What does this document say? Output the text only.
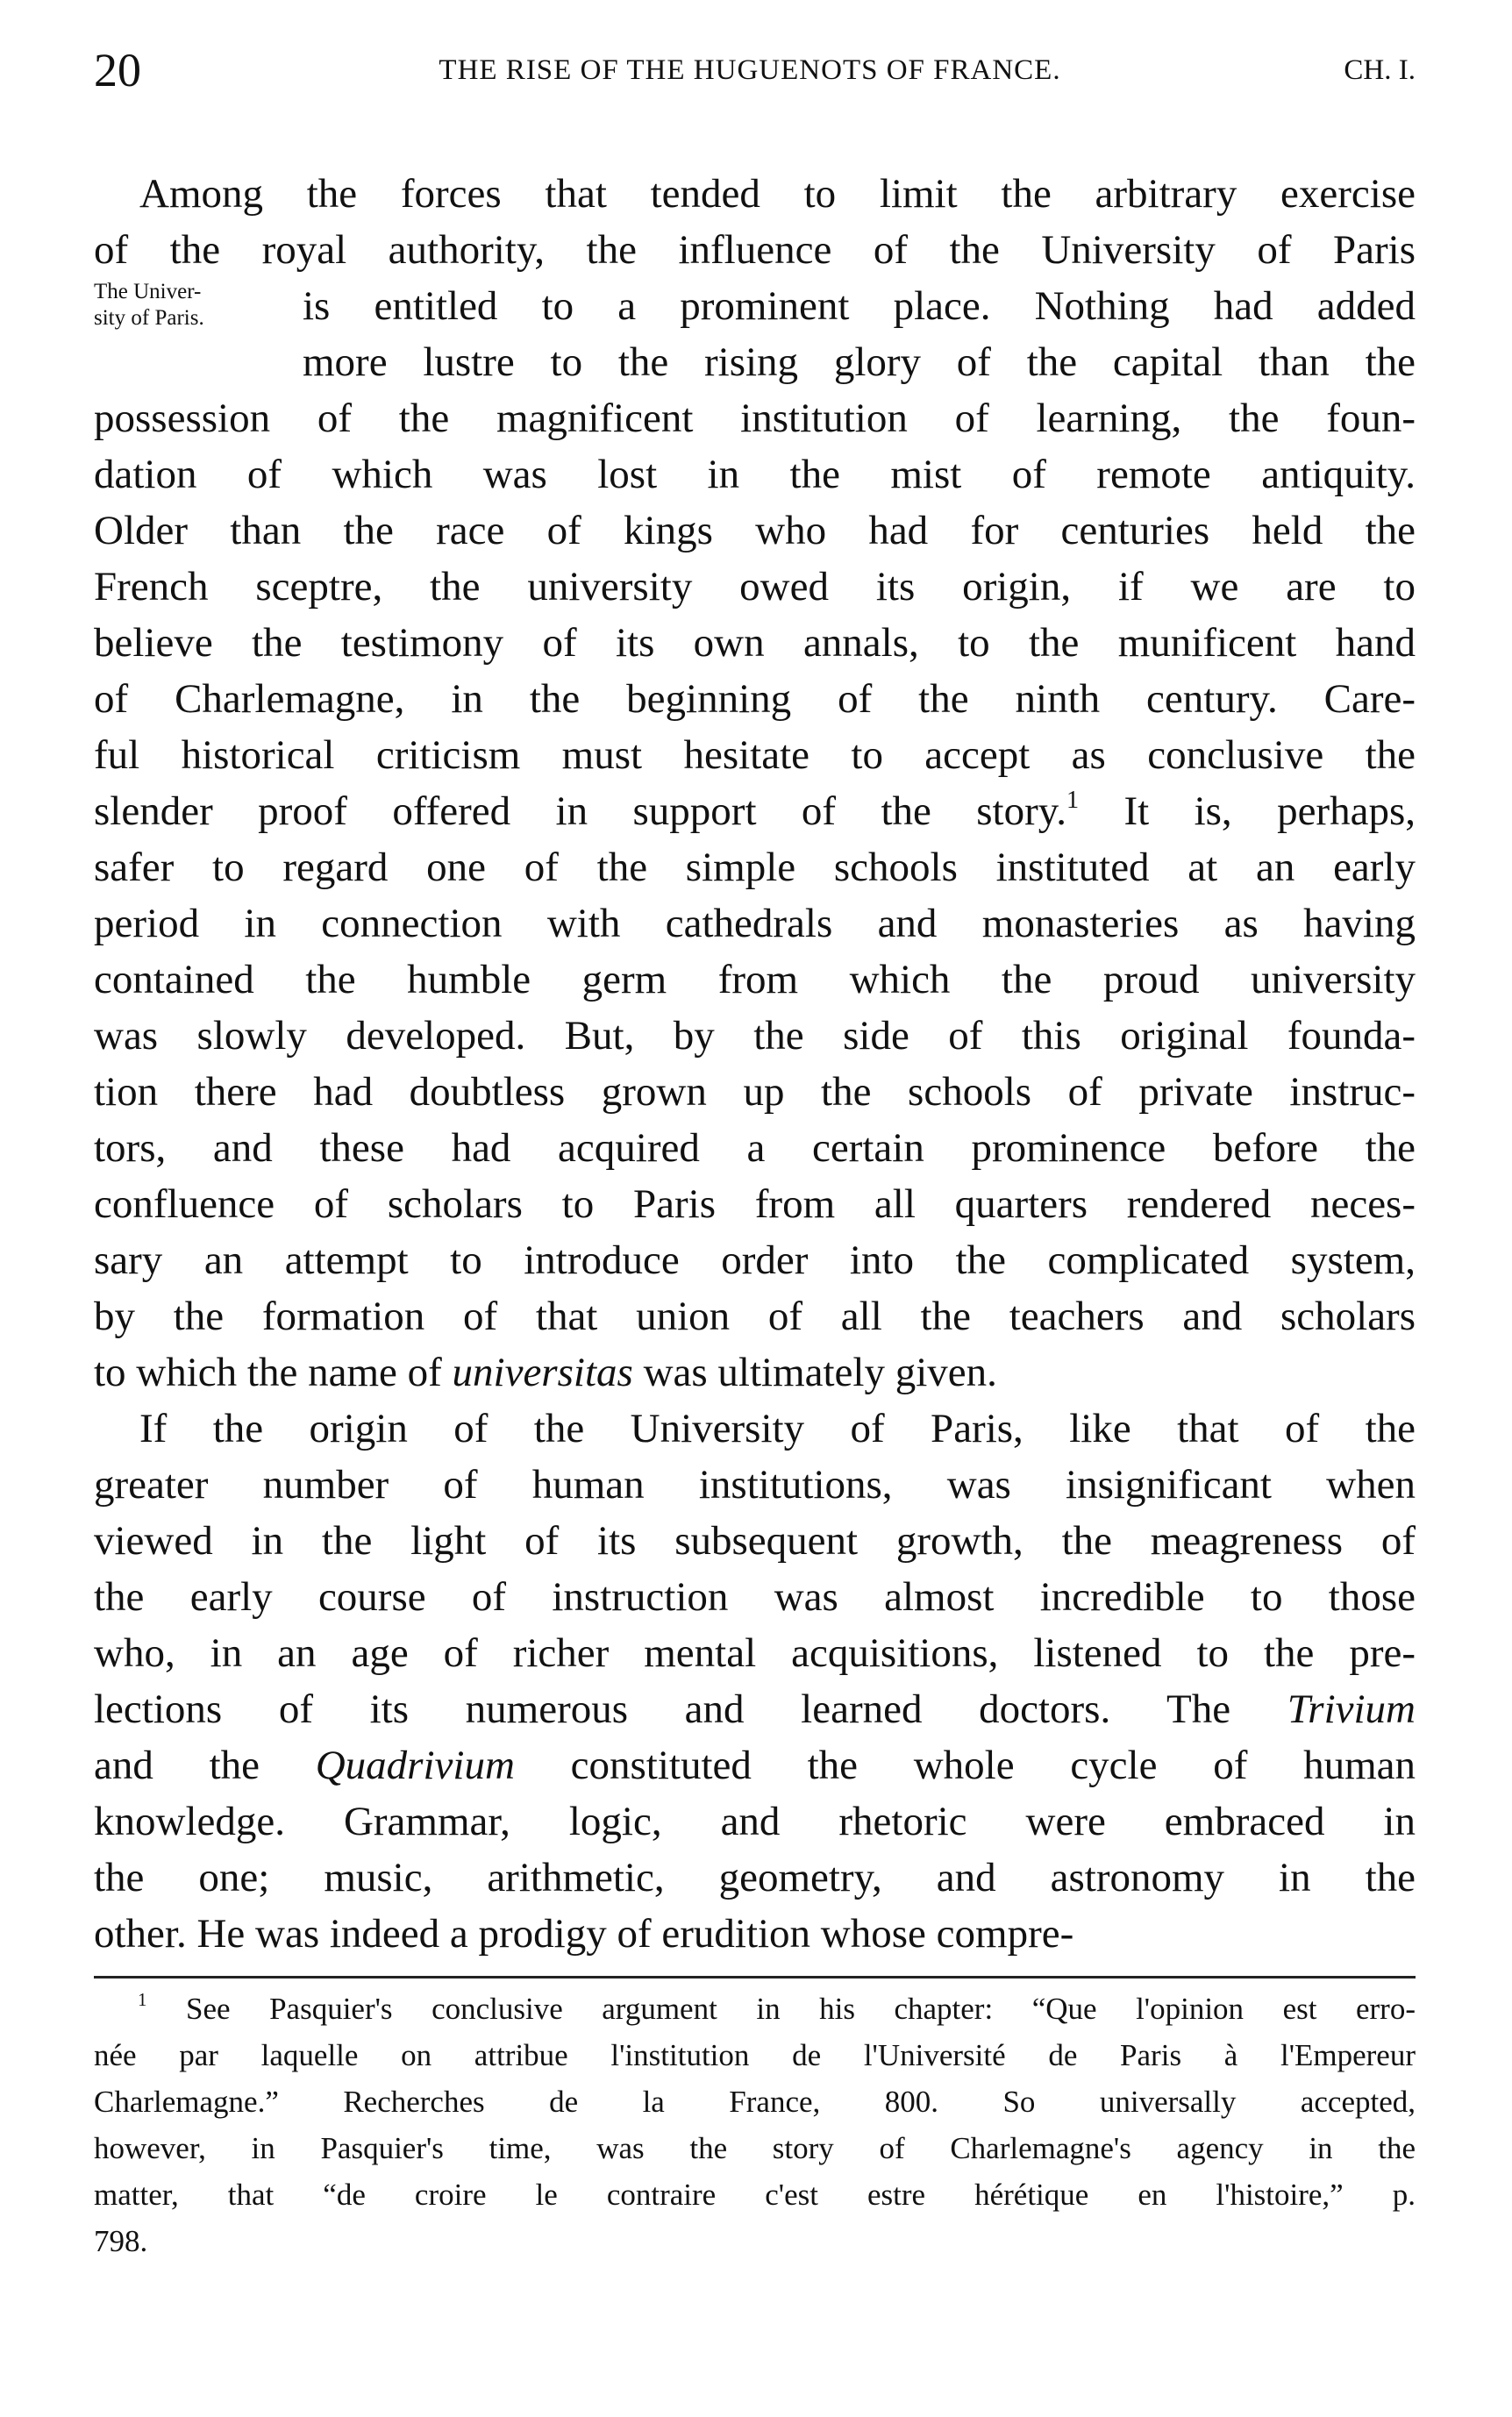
20	THE RISE OF THE HUGUENOTS OF FRANCE.	CH. I.
The Univer-
sity of Paris.
Among the forces that tended to limit the arbitrary exercise
of the royal authority, the influence of the University of Paris
is entitled to a prominent place. Nothing had added
more lustre to the rising glory of the capital than the
possession of the magnificent institution of learning, the foun-
dation of which was lost in the mist of remote antiquity.
Older than the race of kings who had for centuries held the
French sceptre, the university owed its origin, if we are to
believe the testimony of its own annals, to the munificent hand
of Charlemagne, in the beginning of the ninth century. Care-
ful historical criticism must hesitate to accept as conclusive the
slender proof offered in support of the story.$^1$ It is, perhaps,
safer to regard one of the simple schools instituted at an early
period in connection with cathedrals and monasteries as having
contained the humble germ from which the proud university
was slowly developed. But, by the side of this original founda-
tion there had doubtless grown up the schools of private instruc-
tors, and these had acquired a certain prominence before the
confluence of scholars to Paris from all quarters rendered neces-
sary an attempt to introduce order into the complicated system,
by the formation of that union of all the teachers and scholars
to which the name of universitas was ultimately given.
If the origin of the University of Paris, like that of the
greater number of human institutions, was insignificant when
viewed in the light of its subsequent growth, the meagreness of
the early course of instruction was almost incredible to those
who, in an age of richer mental acquisitions, listened to the pre-
lections of its numerous and learned doctors. The Trivium
and the Quadrivium constituted the whole cycle of human
knowledge. Grammar, logic, and rhetoric were embraced in
the one; music, arithmetic, geometry, and astronomy in the
other. He was indeed a prodigy of erudition whose compre-
$^1$ See Pasquier's conclusive argument in his chapter: “Que l'opinion est erro-
née par laquelle on attribue l'institution de l'Université de Paris à l'Empereur
Charlemagne.” Recherches de la France, 800. So universally accepted,
however, in Pasquier's time, was the story of Charlemagne's agency in the
matter, that “de croire le contraire c'est estre hérétique en l'histoire,” p.
798.
